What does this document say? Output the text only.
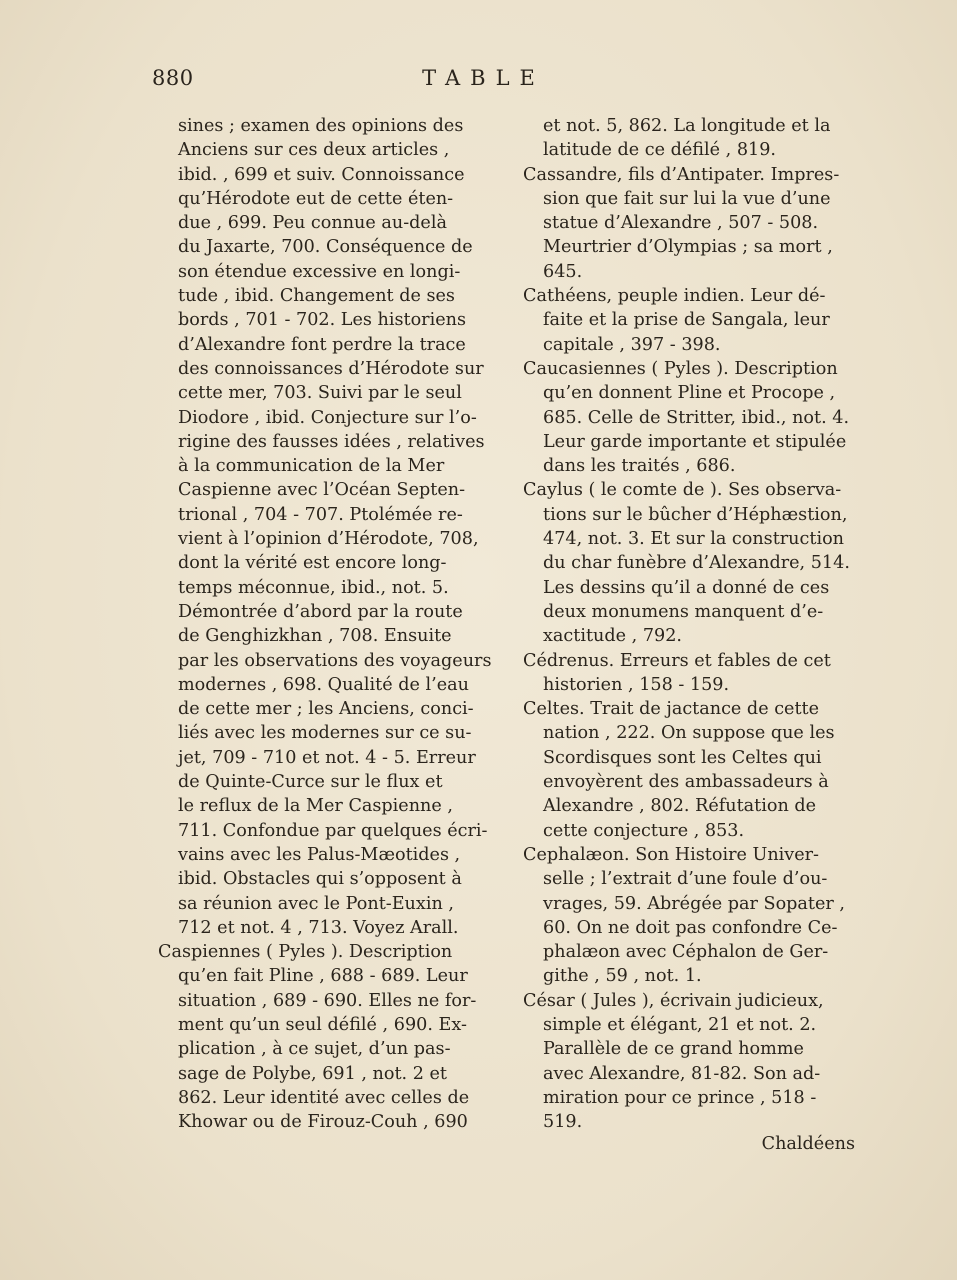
880	TABLE
sines ; examen des opinions des
Anciens sur ces deux articles ,
ibid. , 699 et suiv. Connoissance
qu’Hérodote eut de cette éten-
due , 699. Peu connue au-delà
du Jaxarte, 700. Conséquence de
son étendue excessive en longi-
tude , ibid. Changement de ses
bords , 701 - 702. Les historiens
d’Alexandre font perdre la trace
des connoissances d’Hérodote sur
cette mer, 703. Suivi par le seul
Diodore , ibid. Conjecture sur l’o-
rigine des fausses idées , relatives
à la communication de la Mer
Caspienne avec l’Océan Septen-
trional , 704 - 707. Ptolémée re-
vient à l’opinion d’Hérodote, 708,
dont la vérité est encore long-
temps méconnue, ibid., not. 5.
Démontrée d’abord par la route
de Genghizkhan , 708. Ensuite
par les observations des voyageurs
modernes , 698. Qualité de l’eau
de cette mer ; les Anciens, conci-
liés avec les modernes sur ce su-
jet, 709 - 710 et not. 4 - 5. Erreur
de Quinte-Curce sur le flux et
le reflux de la Mer Caspienne ,
711. Confondue par quelques écri-
vains avec les Palus-Mæotides ,
ibid. Obstacles qui s’opposent à
sa réunion avec le Pont-Euxin ,
712 et not. 4 , 713. Voyez Arall.
Caspiennes ( Pyles ). Description
qu’en fait Pline , 688 - 689. Leur
situation , 689 - 690. Elles ne for-
ment qu’un seul défilé , 690. Ex-
plication , à ce sujet, d’un pas-
sage de Polybe, 691 , not. 2 et
862. Leur identité avec celles de
Khowar ou de Firouz-Couh , 690
et not. 5, 862. La longitude et la
latitude de ce défilé , 819.
Cassandre, fils d’Antipater. Impres-
sion que fait sur lui la vue d’une
statue d’Alexandre , 507 - 508.
Meurtrier d’Olympias ; sa mort ,
645.
Cathéens, peuple indien. Leur dé-
faite et la prise de Sangala, leur
capitale , 397 - 398.
Caucasiennes ( Pyles ). Description
qu’en donnent Pline et Procope ,
685. Celle de Stritter, ibid., not. 4.
Leur garde importante et stipulée
dans les traités , 686.
Caylus ( le comte de ). Ses observa-
tions sur le bûcher d’Héphæstion,
474, not. 3. Et sur la construction
du char funèbre d’Alexandre, 514.
Les dessins qu’il a donné de ces
deux monumens manquent d’e-
xactitude , 792.
Cédrenus. Erreurs et fables de cet
historien , 158 - 159.
Celtes. Trait de jactance de cette
nation , 222. On suppose que les
Scordisques sont les Celtes qui
envoyèrent des ambassadeurs à
Alexandre , 802. Réfutation de
cette conjecture , 853.
Cephalæon. Son Histoire Univer-
selle ; l’extrait d’une foule d’ou-
vrages, 59. Abrégée par Sopater ,
60. On ne doit pas confondre Ce-
phalæon avec Céphalon de Ger-
githe , 59 , not. 1.
César ( Jules ), écrivain judicieux,
simple et élégant, 21 et not. 2.
Parallèle de ce grand homme
avec Alexandre, 81-82. Son ad-
miration pour ce prince , 518 -
519.
Chaldéens
